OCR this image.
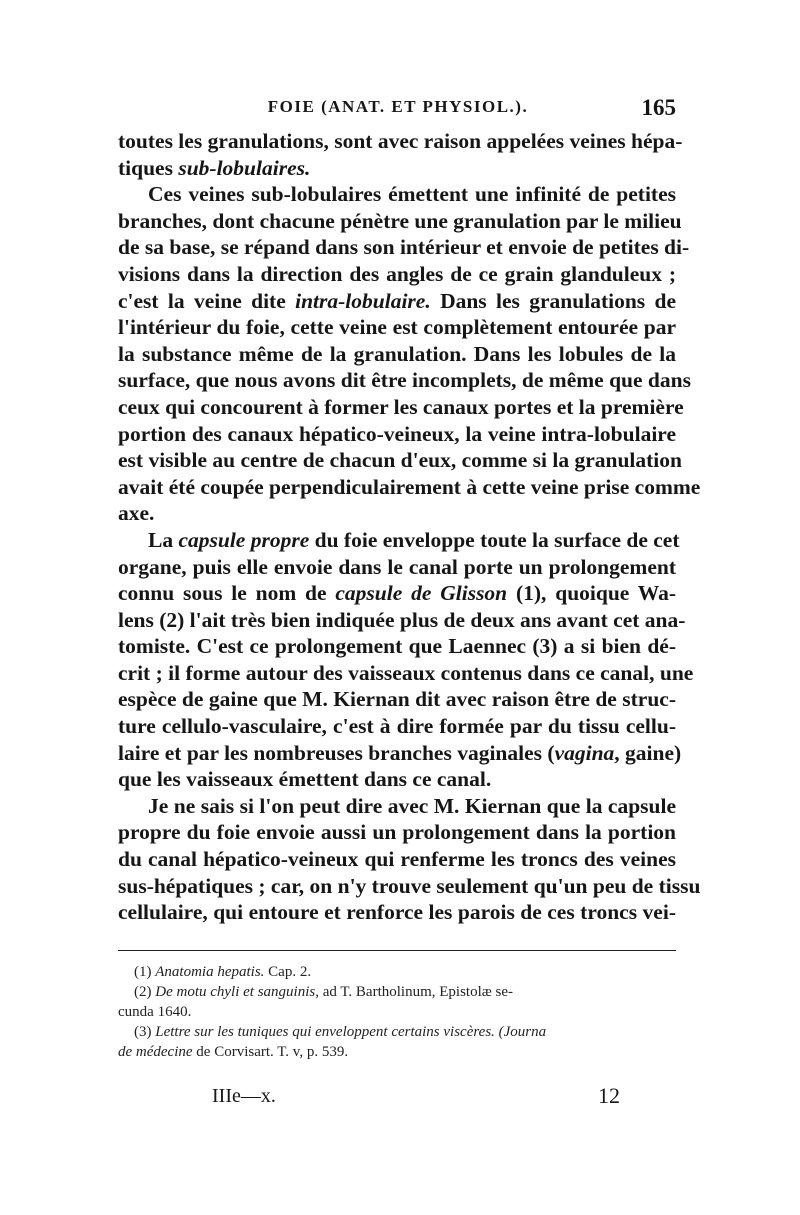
FOIE (ANAT. ET PHYSIOL.).	165
toutes les granulations, sont avec raison appelées veines hépa-
tiques sub-lobulaires.
Ces veines sub-lobulaires émettent une infinité de petites
branches, dont chacune pénètre une granulation par le milieu
de sa base, se répand dans son intérieur et envoie de petites di-
visions dans la direction des angles de ce grain glanduleux ;
c'est la veine dite intra-lobulaire. Dans les granulations de
l'intérieur du foie, cette veine est complètement entourée par
la substance même de la granulation. Dans les lobules de la
surface, que nous avons dit être incomplets, de même que dans
ceux qui concourent à former les canaux portes et la première
portion des canaux hépatico-veineux, la veine intra-lobulaire
est visible au centre de chacun d'eux, comme si la granulation
avait été coupée perpendiculairement à cette veine prise comme
axe.
La capsule propre du foie enveloppe toute la surface de cet
organe, puis elle envoie dans le canal porte un prolongement
connu sous le nom de capsule de Glisson (1), quoique Wa-
lens (2) l'ait très bien indiquée plus de deux ans avant cet ana-
tomiste. C'est ce prolongement que Laennec (3) a si bien dé-
crit ; il forme autour des vaisseaux contenus dans ce canal, une
espèce de gaine que M. Kiernan dit avec raison être de struc-
ture cellulo-vasculaire, c'est à dire formée par du tissu cellu-
laire et par les nombreuses branches vaginales (vagina, gaine)
que les vaisseaux émettent dans ce canal.
Je ne sais si l'on peut dire avec M. Kiernan que la capsule
propre du foie envoie aussi un prolongement dans la portion
du canal hépatico-veineux qui renferme les troncs des veines
sus-hépatiques ; car, on n'y trouve seulement qu'un peu de tissu
cellulaire, qui entoure et renforce les parois de ces troncs vei-
(1) Anatomia hepatis. Cap. 2.
(2) De motu chyli et sanguinis, ad T. Bartholinum, Epistolæ se-
cunda 1640.
(3) Lettre sur les tuniques qui enveloppent certains viscères. (Journa
de médecine de Corvisart. T. v, p. 539.
IIIe—x.	12
